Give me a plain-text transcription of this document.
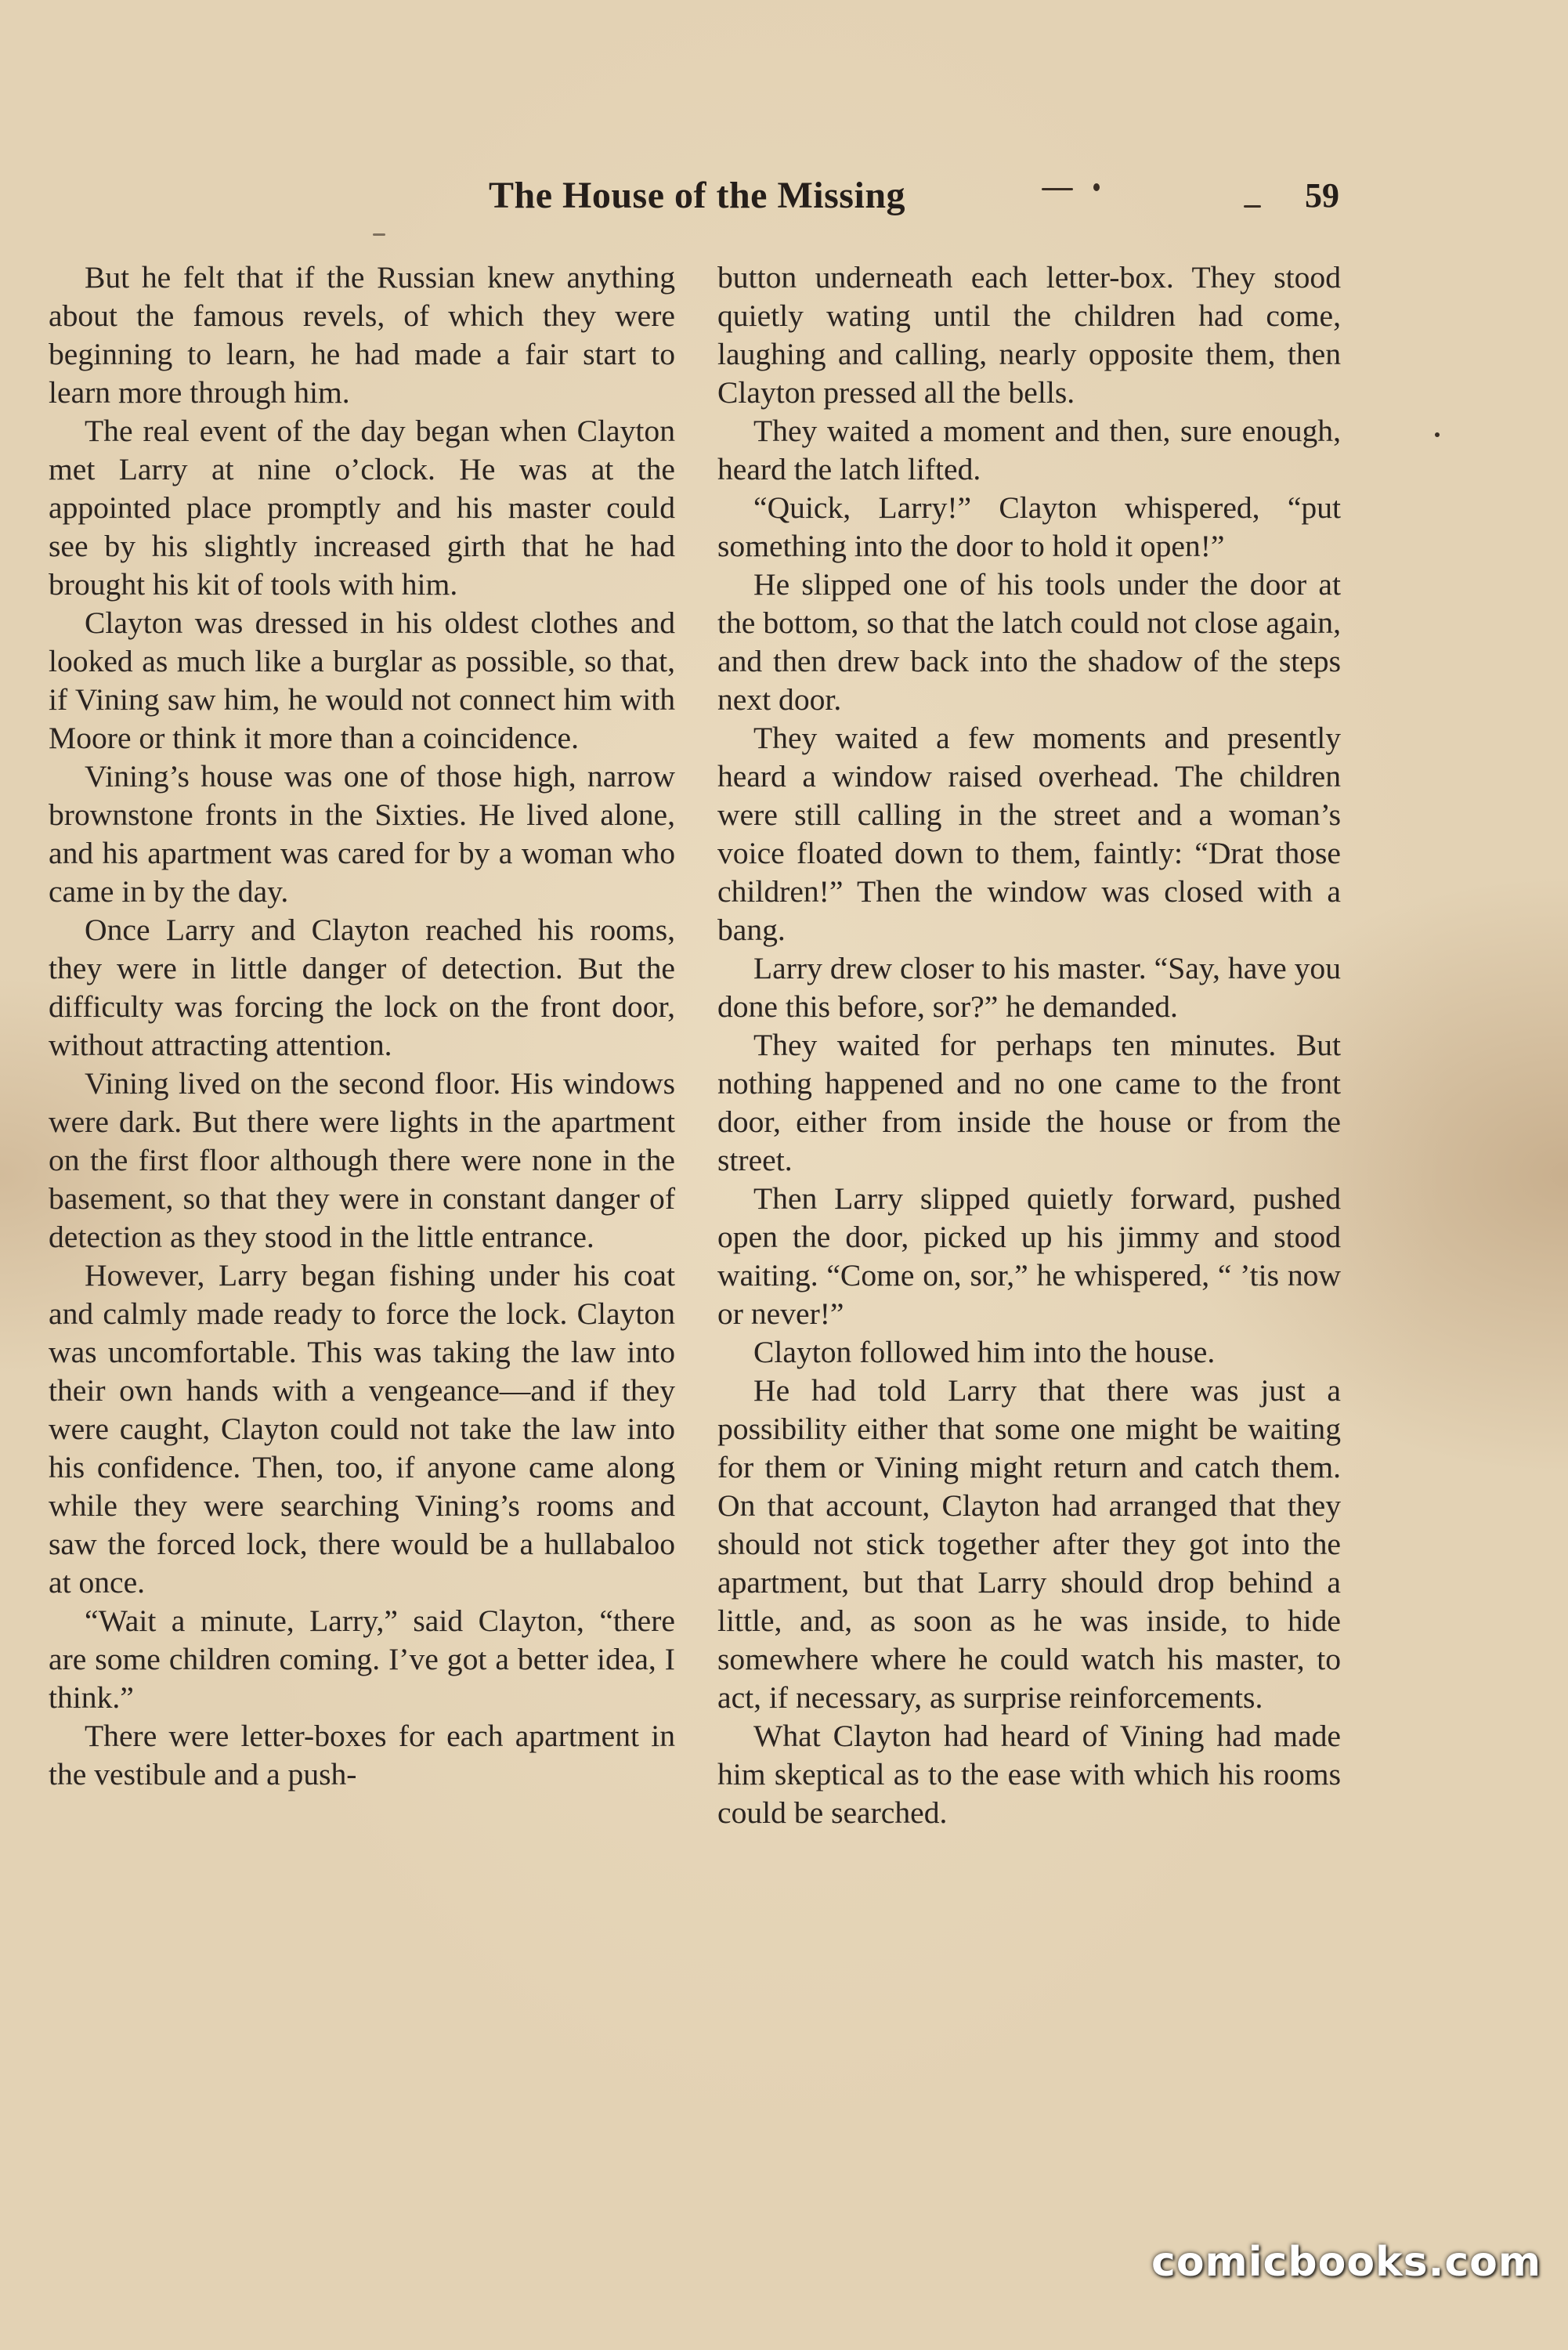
The House of the Missing	59

But he felt that if the Russian knew anything about the famous revels, of which they were beginning to learn, he had made a fair start to learn more through him.

The real event of the day began when Clayton met Larry at nine o’clock. He was at the appointed place promptly and his master could see by his slightly increased girth that he had brought his kit of tools with him.

Clayton was dressed in his oldest clothes and looked as much like a burglar as possible, so that, if Vining saw him, he would not connect him with Moore or think it more than a coincidence.

Vining’s house was one of those high, narrow brownstone fronts in the Sixties. He lived alone, and his apartment was cared for by a woman who came in by the day.

Once Larry and Clayton reached his rooms, they were in little danger of detection. But the difficulty was forcing the lock on the front door, without attracting attention.

Vining lived on the second floor. His windows were dark. But there were lights in the apartment on the first floor although there were none in the basement, so that they were in constant danger of detection as they stood in the little entrance.

However, Larry began fishing under his coat and calmly made ready to force the lock. Clayton was uncomfortable. This was taking the law into their own hands with a vengeance—and if they were caught, Clayton could not take the law into his confidence. Then, too, if anyone came along while they were searching Vining’s rooms and saw the forced lock, there would be a hullabaloo at once.

“Wait a minute, Larry,” said Clayton, “there are some children coming. I’ve got a better idea, I think.”

There were letter-boxes for each apartment in the vestibule and a push-

button underneath each letter-box. They stood quietly wating until the children had come, laughing and calling, nearly opposite them, then Clayton pressed all the bells.

They waited a moment and then, sure enough, heard the latch lifted.

“Quick, Larry!” Clayton whispered, “put something into the door to hold it open!”

He slipped one of his tools under the door at the bottom, so that the latch could not close again, and then drew back into the shadow of the steps next door.

They waited a few moments and presently heard a window raised overhead. The children were still calling in the street and a woman’s voice floated down to them, faintly: “Drat those children!” Then the window was closed with a bang.

Larry drew closer to his master. “Say, have you done this before, sor?” he demanded.

They waited for perhaps ten minutes. But nothing happened and no one came to the front door, either from inside the house or from the street.

Then Larry slipped quietly forward, pushed open the door, picked up his jimmy and stood waiting. “Come on, sor,” he whispered, “ ’tis now or never!”

Clayton followed him into the house.

He had told Larry that there was just a possibility either that some one might be waiting for them or Vining might return and catch them. On that account, Clayton had arranged that they should not stick together after they got into the apartment, but that Larry should drop behind a little, and, as soon as he was inside, to hide somewhere where he could watch his master, to act, if necessary, as surprise reinforcements.

What Clayton had heard of Vining had made him skeptical as to the ease with which his rooms could be searched.

comicbooks.com
